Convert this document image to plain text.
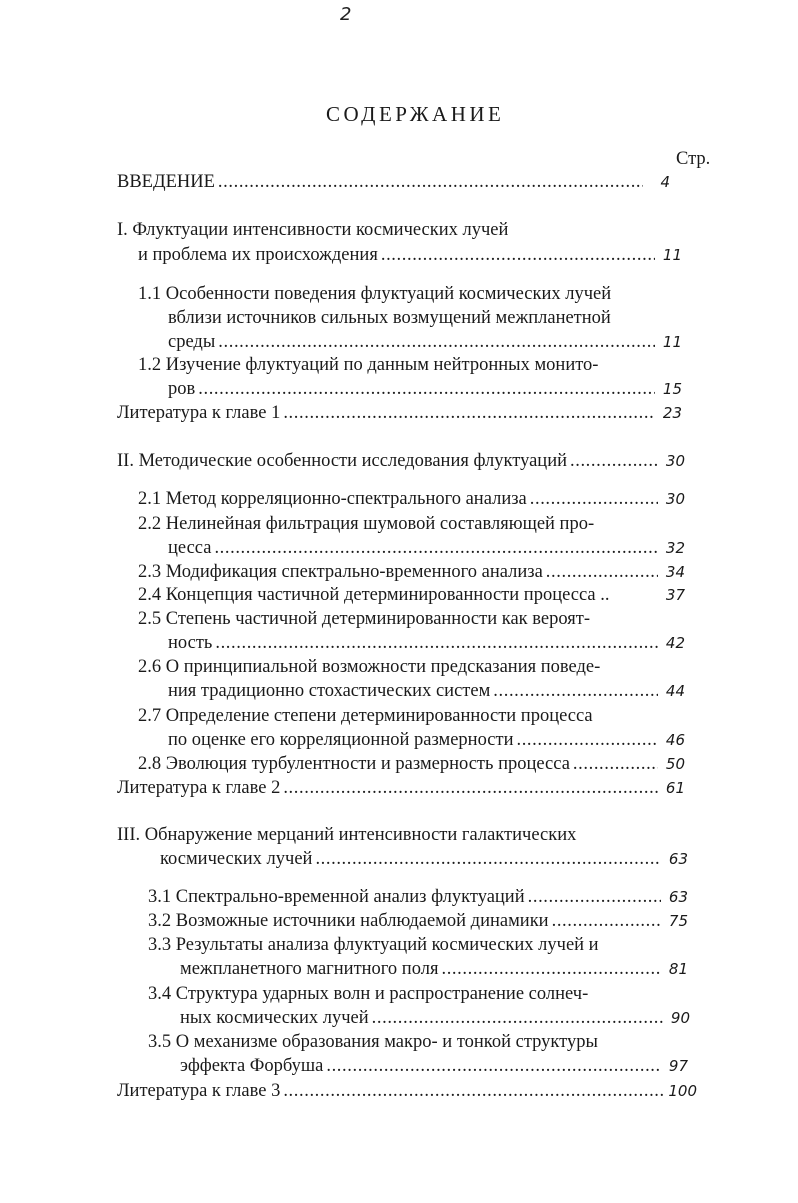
2
СОДЕРЖАНИЕ
Стр.
ВВЕДЕНИЕ .....	4
I. Флуктуации интенсивности космических лучей
и проблема их происхождения .....	11
1.1 Особенности поведения флуктуаций космических лучей
вблизи источников сильных возмущений межпланетной
среды .....	11
1.2 Изучение флуктуаций по данным нейтронных монито-
ров .....	15
Литература к главе 1 .....	23
II. Методические особенности исследования флуктуаций .....	30
2.1 Метод корреляционно-спектрального анализа .....	30
2.2 Нелинейная фильтрация шумовой составляющей про-
цесса .....	32
2.3 Модификация спектрально-временного анализа .....	34
2.4 Концепция частичной детерминированности процесса ..	37
2.5 Степень частичной детерминированности как вероят-
ность .....	42
2.6 О принципиальной возможности предсказания поведе-
ния традиционно стохастических систем .....	44
2.7 Определение степени детерминированности процесса
по оценке его корреляционной размерности .....	46
2.8 Эволюция турбулентности и размерность процесса .....	50
Литература к главе 2 .....	61
III. Обнаружение мерцаний интенсивности галактических
космических лучей .....	63
3.1 Спектрально-временной анализ флуктуаций .....	63
3.2 Возможные источники наблюдаемой динамики .....	75
3.3 Результаты анализа флуктуаций космических лучей и
межпланетного магнитного поля .....	81
3.4 Структура ударных волн и распространение солнеч-
ных космических лучей .....	90
3.5 О механизме образования макро- и тонкой структуры
эффекта Форбуша .....	97
Литература к главе 3 .....	100
